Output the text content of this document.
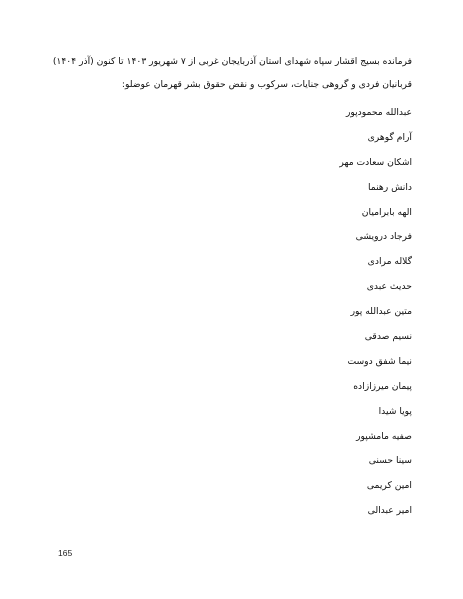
فرمانده بسیج اقشار سپاه شهدای استان آذربایجان غربی از ۷ شهریور ۱۴۰۳ تا کنون (آذر ۱۴۰۴)

قربانیان فردی و گروهی جنایات، سرکوب و نقض حقوق بشر قهرمان عوضلو:

عبدالله محمودپور
آرام گوهری
اشکان سعادت مهر
دانش رهنما
الهه بابرامیان
فرجاد درویشی
گلاله مرادی
حدیث عبدی
متین عبدالله پور
نسیم صدقی
نیما شفق دوست
پیمان میرزازاده
پویا شیدا
صفیه مامشپور
سینا حسنی
امین کریمی
امیر عبدالی
165
